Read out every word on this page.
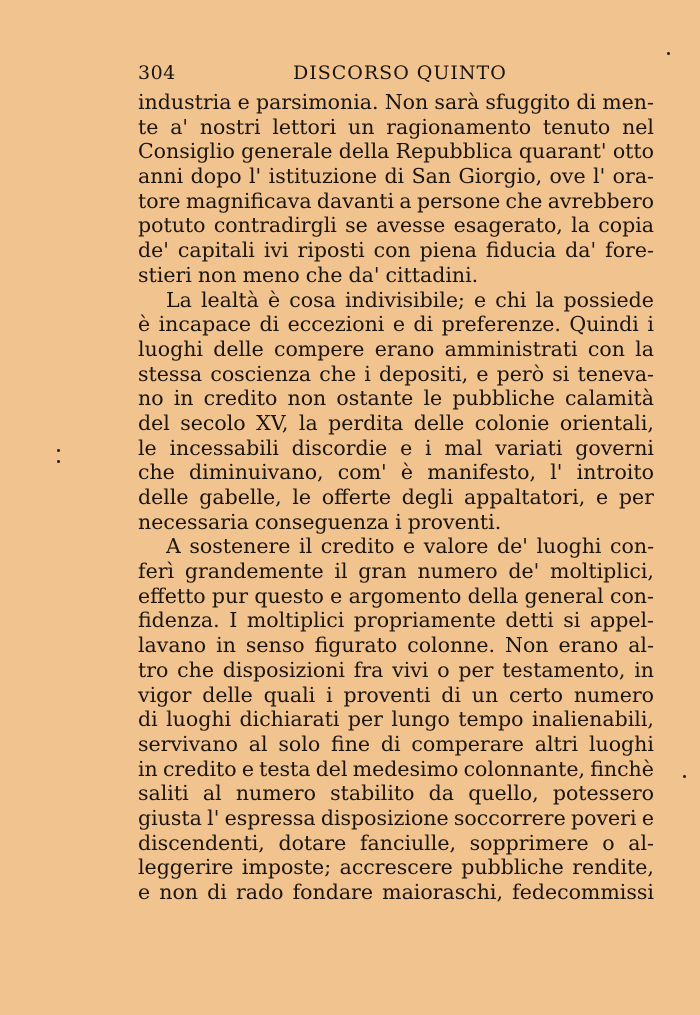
304	DISCORSO QUINTO
industria e parsimonia. Non sarà sfuggito di men-
te a' nostri lettori un ragionamento tenuto nel
Consiglio generale della Repubblica quarant' otto
anni dopo l' istituzione di San Giorgio, ove l' ora-
tore magnificava davanti a persone che avrebbero
potuto contradirgli se avesse esagerato, la copia
de' capitali ivi riposti con piena fiducia da' fore-
stieri non meno che da' cittadini.
La lealtà è cosa indivisibile; e chi la possiede
è incapace di eccezioni e di preferenze. Quindi i
luoghi delle compere erano amministrati con la
stessa coscienza che i depositi, e però si teneva-
no in credito non ostante le pubbliche calamità
del secolo XV, la perdita delle colonie orientali,
le incessabili discordie e i mal variati governi
che diminuivano, com' è manifesto, l' introito
delle gabelle, le offerte degli appaltatori, e per
necessaria conseguenza i proventi.
A sostenere il credito e valore de' luoghi con-
ferì grandemente il gran numero de' moltiplici,
effetto pur questo e argomento della general con-
fidenza. I moltiplici propriamente detti si appel-
lavano in senso figurato colonne. Non erano al-
tro che disposizioni fra vivi o per testamento, in
vigor delle quali i proventi di un certo numero
di luoghi dichiarati per lungo tempo inalienabili,
servivano al solo fine di comperare altri luoghi
in credito e testa del medesimo colonnante, finchè
saliti al numero stabilito da quello, potessero
giusta l' espressa disposizione soccorrere poveri e
discendenti, dotare fanciulle, sopprimere o al-
leggerire imposte; accrescere pubbliche rendite,
e non di rado fondare maioraschi, fedecommissi
